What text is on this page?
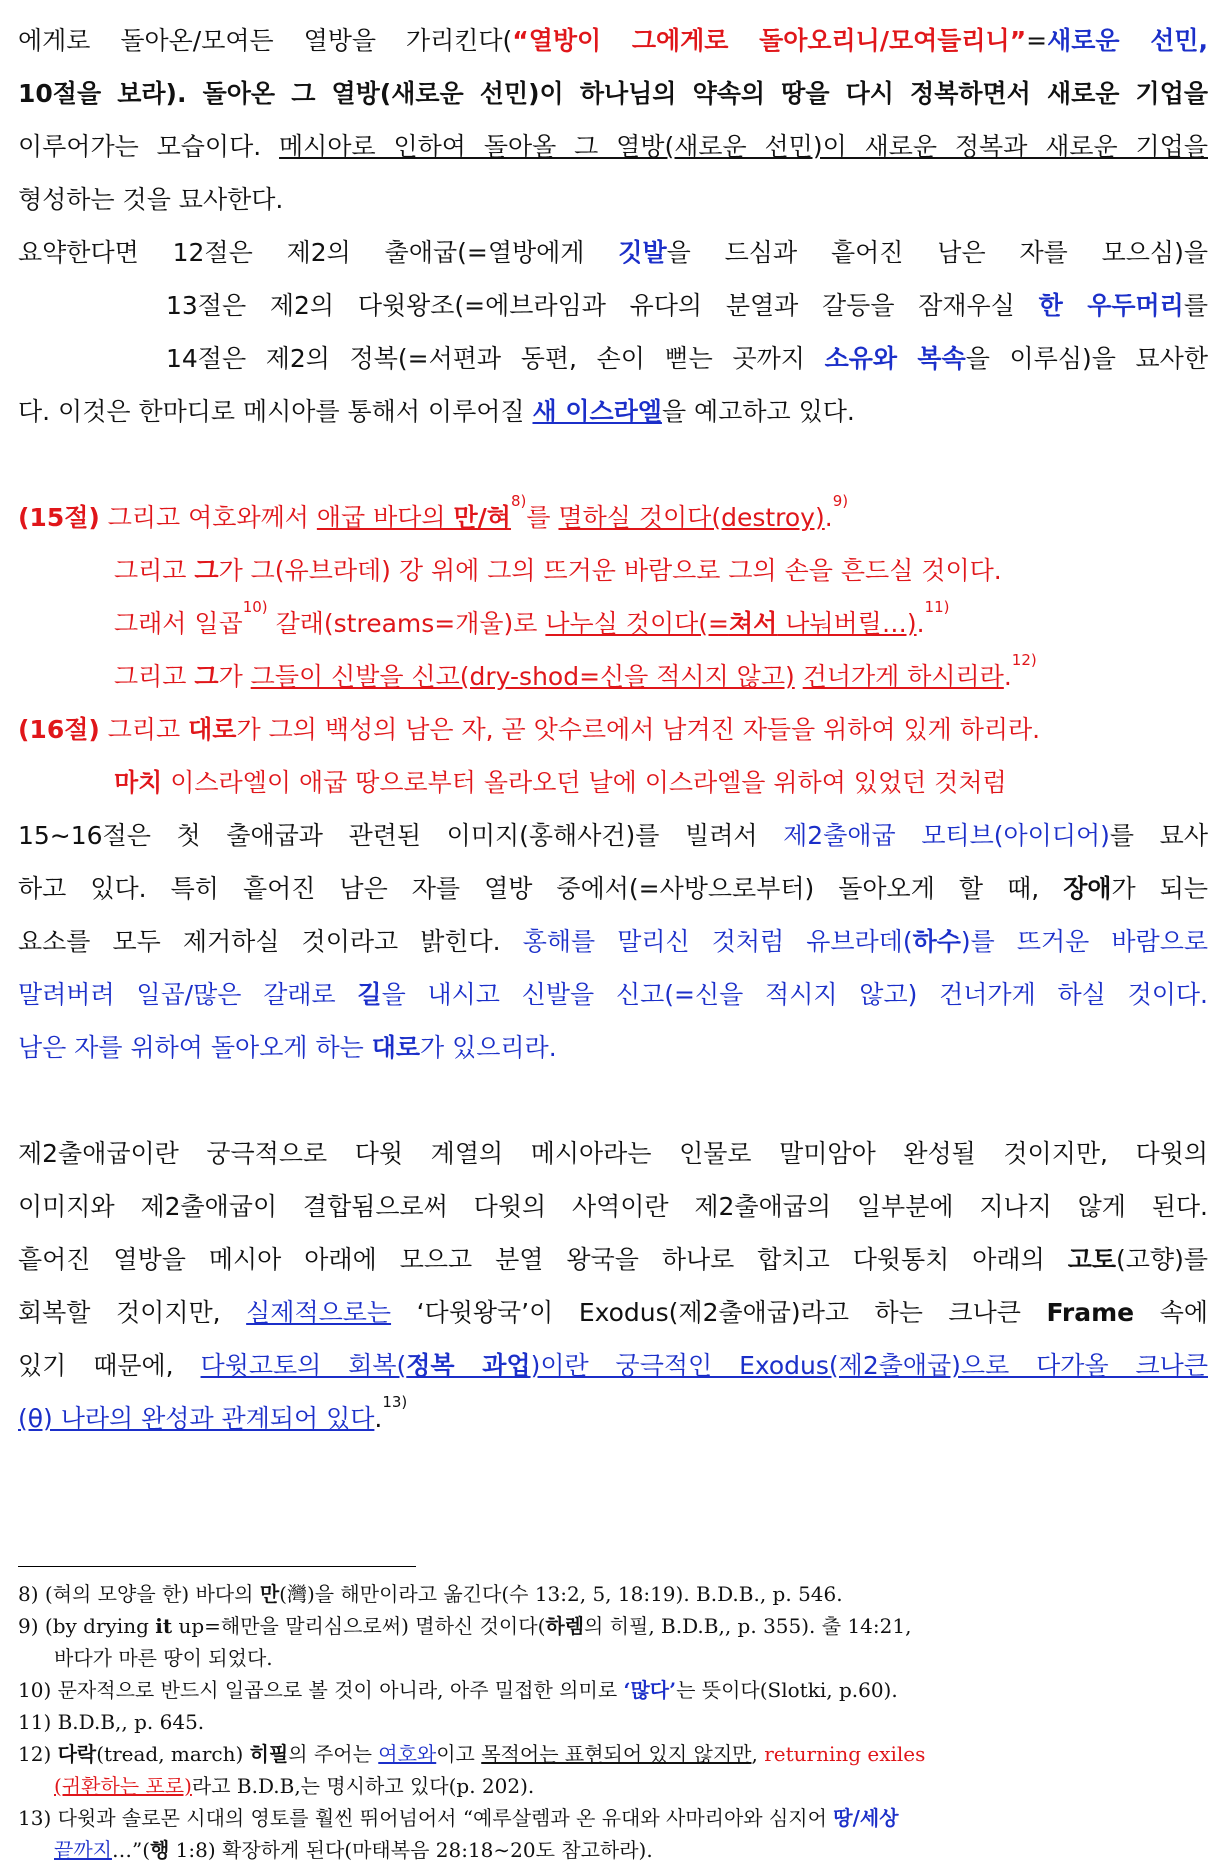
에게로 돌아온/모여든 열방을 가리킨다(“열방이 그에게로 돌아오리니/모여들리니”=새로운 선민,
10절을 보라). 돌아온 그 열방(새로운 선민)이 하나님의 약속의 땅을 다시 정복하면서 새로운 기업을
이루어가는 모습이다. 메시아로 인하여 돌아올 그 열방(새로운 선민)이 새로운 정복과 새로운 기업을
형성하는 것을 묘사한다.
요약한다면 12절은 제2의 출애굽(=열방에게 깃발을 드심과 흩어진 남은 자를 모으심)을
13절은 제2의 다윗왕조(=에브라임과 유다의 분열과 갈등을 잠재우실 한 우두머리를
14절은 제2의 정복(=서편과 동편, 손이 뻗는 곳까지 소유와 복속을 이루심)을 묘사한
다. 이것은 한마디로 메시아를 통해서 이루어질 새 이스라엘을 예고하고 있다.
(15절) 그리고 여호와께서 애굽 바다의 만/혀$^{8)}$를 멸하실 것이다(destroy).$^{9)}$
그리고 그가 그(유브라데) 강 위에 그의 뜨거운 바람으로 그의 손을 흔드실 것이다.
그래서 일곱$^{10)}$ 갈래(streams=개울)로 나누실 것이다(=쳐서 나눠버릴…).$^{11)}$
그리고 그가 그들이 신발을 신고(dry-shod=신을 적시지 않고) 건너가게 하시리라.$^{12)}$
(16절) 그리고 대로가 그의 백성의 남은 자, 곧 앗수르에서 남겨진 자들을 위하여 있게 하리라.
마치 이스라엘이 애굽 땅으로부터 올라오던 날에 이스라엘을 위하여 있었던 것처럼
15∼16절은 첫 출애굽과 관련된 이미지(홍해사건)를 빌려서 제2출애굽 모티브(아이디어)를 묘사
하고 있다. 특히 흩어진 남은 자를 열방 중에서(=사방으로부터) 돌아오게 할 때, 장애가 되는
요소를 모두 제거하실 것이라고 밝힌다. 홍해를 말리신 것처럼 유브라데(하수)를 뜨거운 바람으로
말려버려 일곱/많은 갈래로 길을 내시고 신발을 신고(=신을 적시지 않고) 건너가게 하실 것이다.
남은 자를 위하여 돌아오게 하는 대로가 있으리라.
제2출애굽이란 궁극적으로 다윗 계열의 메시아라는 인물로 말미암아 완성될 것이지만, 다윗의
이미지와 제2출애굽이 결합됨으로써 다윗의 사역이란 제2출애굽의 일부분에 지나지 않게 된다.
흩어진 열방을 메시아 아래에 모으고 분열 왕국을 하나로 합치고 다윗통치 아래의 고토(고향)를
회복할 것이지만, 실제적으로는 ‘다윗왕국’이 Exodus(제2출애굽)라고 하는 크나큰 Frame 속에
있기 때문에, 다윗고토의 회복(정복 과업)이란 궁극적인 Exodus(제2출애굽)으로 다가올 크나큰
(θ) 나라의 완성과 관계되어 있다.$^{13)}$
8) (혀의 모양을 한) 바다의 만(灣)을 해만이라고 옮긴다(수 13:2, 5, 18:19). B.D.B., p. 546.
9) (by drying it up=해만을 말리심으로써) 멸하신 것이다(하렘의 히필, B.D.B,, p. 355). 출 14:21,
바다가 마른 땅이 되었다.
10) 문자적으로 반드시 일곱으로 볼 것이 아니라, 아주 밀접한 의미로 ‘많다’는 뜻이다(Slotki, p.60).
11) B.D.B,, p. 645.
12) 다락(tread, march) 히필의 주어는 여호와이고 목적어는 표현되어 있지 않지만, returning exiles
(귀환하는 포로)라고 B.D.B,는 명시하고 있다(p. 202).
13) 다윗과 솔로몬 시대의 영토를 훨씬 뛰어넘어서 “예루살렘과 온 유대와 사마리아와 심지어 땅/세상
끝까지…”(행 1:8) 확장하게 된다(마태복음 28:18∼20도 참고하라).
